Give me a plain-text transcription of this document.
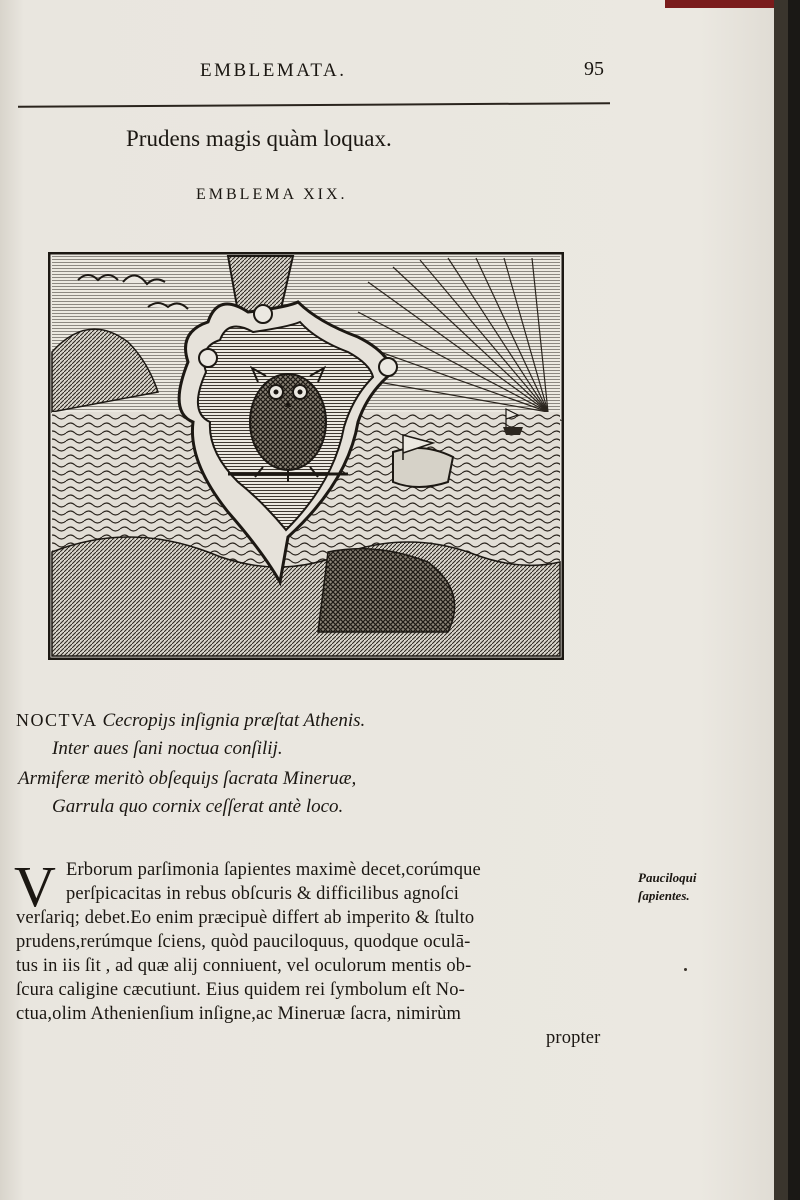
EMBLEMATA.	95
Prudens magis quàm loquax.
EMBLEMA XIX.
NOCTVA Cecropiȷs inſignia præſtat Athenis.
Inter aues ſani noctua conſilij.
Armiferæ meritò obſequiȷs ſacrata Mineruæ,
Garrula quo cornix ceſſerat antè loco.
V Erborum parſimonia ſapientes maximè decet,corúmque
perſpicacitas in rebus obſcuris & difficilibus agnoſci
verſariq; debet.Eo enim præcipuè differt ab imperito & ſtulto
prudens,rerúmque ſciens, quòd pauciloquus, quodque oculā-
tus in iis ſit , ad quæ alij conniuent, vel oculorum mentis ob-
ſcura caligine cæcutiunt. Eius quidem rei ſymbolum eſt No-
ctua,olim Athenienſium inſigne,ac Mineruæ ſacra, nimirùm
propter
Pauciloqui
ſapientes.
